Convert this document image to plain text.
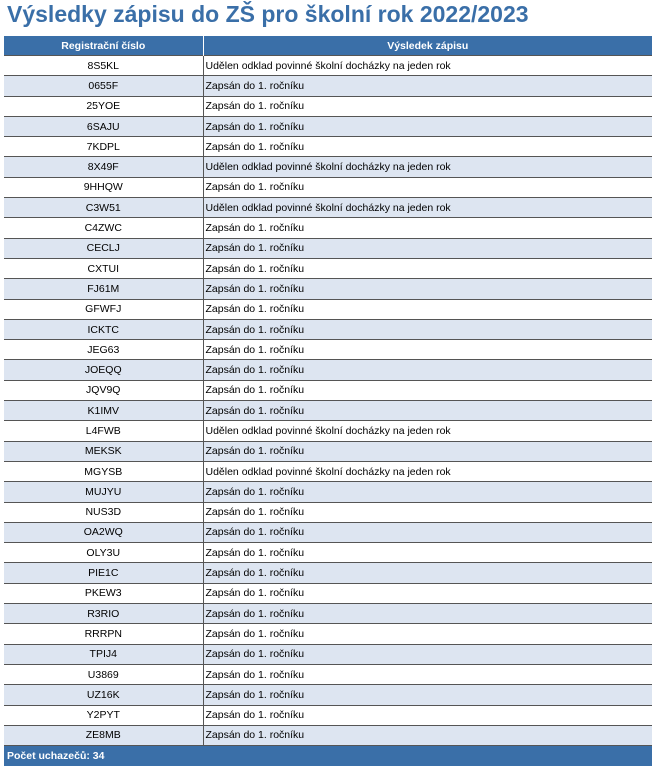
Výsledky zápisu do ZŠ pro školní rok 2022/2023
Registrační číslo	Výsledek zápisu
8S5KL	Udělen odklad povinné školní docházky na jeden rok
0655F	Zapsán do 1. ročníku
25YOE	Zapsán do 1. ročníku
6SAJU	Zapsán do 1. ročníku
7KDPL	Zapsán do 1. ročníku
8X49F	Udělen odklad povinné školní docházky na jeden rok
9HHQW	Zapsán do 1. ročníku
C3W51	Udělen odklad povinné školní docházky na jeden rok
C4ZWC	Zapsán do 1. ročníku
CECLJ	Zapsán do 1. ročníku
CXTUI	Zapsán do 1. ročníku
FJ61M	Zapsán do 1. ročníku
GFWFJ	Zapsán do 1. ročníku
ICKTC	Zapsán do 1. ročníku
JEG63	Zapsán do 1. ročníku
JOEQQ	Zapsán do 1. ročníku
JQV9Q	Zapsán do 1. ročníku
K1IMV	Zapsán do 1. ročníku
L4FWB	Udělen odklad povinné školní docházky na jeden rok
MEKSK	Zapsán do 1. ročníku
MGYSB	Udělen odklad povinné školní docházky na jeden rok
MUJYU	Zapsán do 1. ročníku
NUS3D	Zapsán do 1. ročníku
OA2WQ	Zapsán do 1. ročníku
OLY3U	Zapsán do 1. ročníku
PIE1C	Zapsán do 1. ročníku
PKEW3	Zapsán do 1. ročníku
R3RIO	Zapsán do 1. ročníku
RRRPN	Zapsán do 1. ročníku
TPIJ4	Zapsán do 1. ročníku
U3869	Zapsán do 1. ročníku
UZ16K	Zapsán do 1. ročníku
Y2PYT	Zapsán do 1. ročníku
ZE8MB	Zapsán do 1. ročníku
Počet uchazečů: 34	
